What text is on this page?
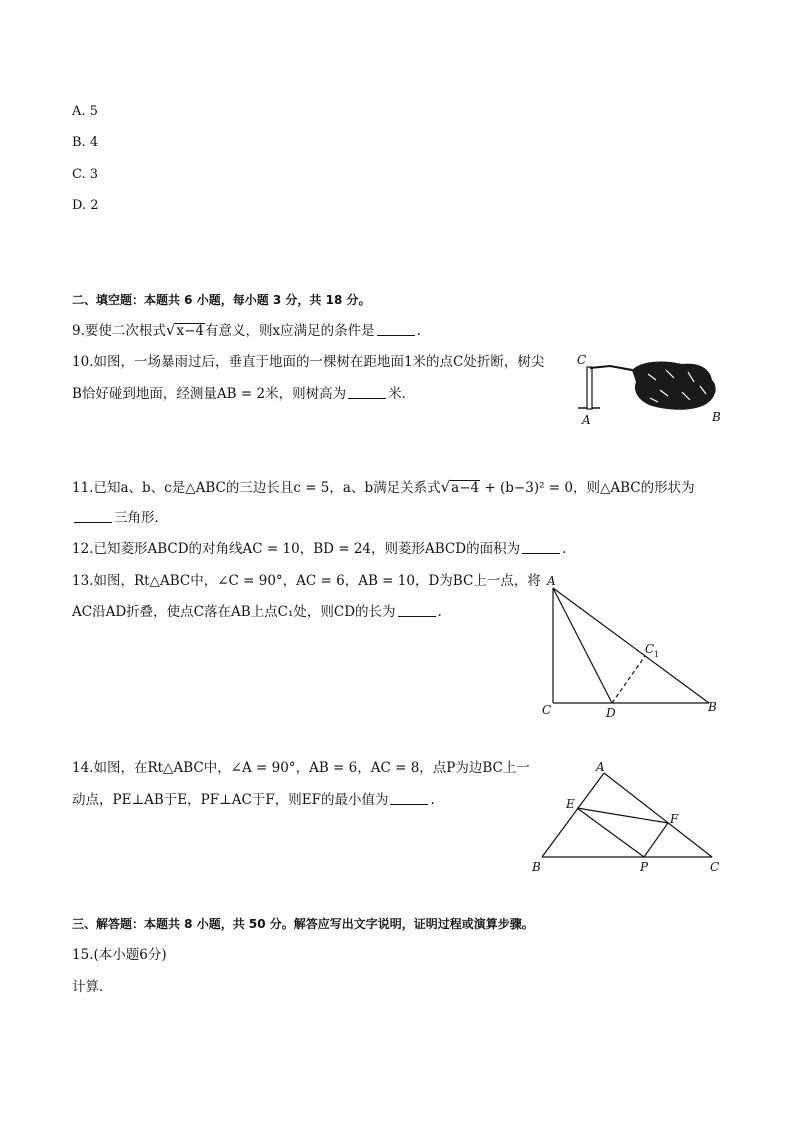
A. 5
B. 4
C. 3
D. 2
二、填空题：本题共 6 小题，每小题 3 分，共 18 分。
9.要使二次根式√x−4有意义，则x应满足的条件是	.
10.如图，一场暴雨过后，垂直于地面的一棵树在距地面1米的点C处折断，树尖
B恰好碰到地面，经测量AB = 2米，则树高为	米．
C
A	B
11.已知a、b、c是△ABC的三边长且c = 5，a、b满足关系式√a−4 + (b−3)² = 0，则△ABC的形状为
三角形．
12.已知菱形ABCD的对角线AC = 10，BD = 24，则菱形ABCD的面积为	.
13.如图，Rt△ABC中，∠C = 90°，AC = 6，AB = 10，D为BC上一点，将
AC沿AD折叠，使点C落在AB上点C₁处，则CD的长为	.
A
C 1
C	D	B
14.如图，在Rt△ABC中，∠A = 90°，AB = 6，AC = 8，点P为边BC上一
动点，PE⊥AB于E，PF⊥AC于F，则EF的最小值为	.
A
E
F
B	P	C
三、解答题：本题共 8 小题，共 50 分。解答应写出文字说明，证明过程或演算步骤。
15.(本小题6分)
计算．
